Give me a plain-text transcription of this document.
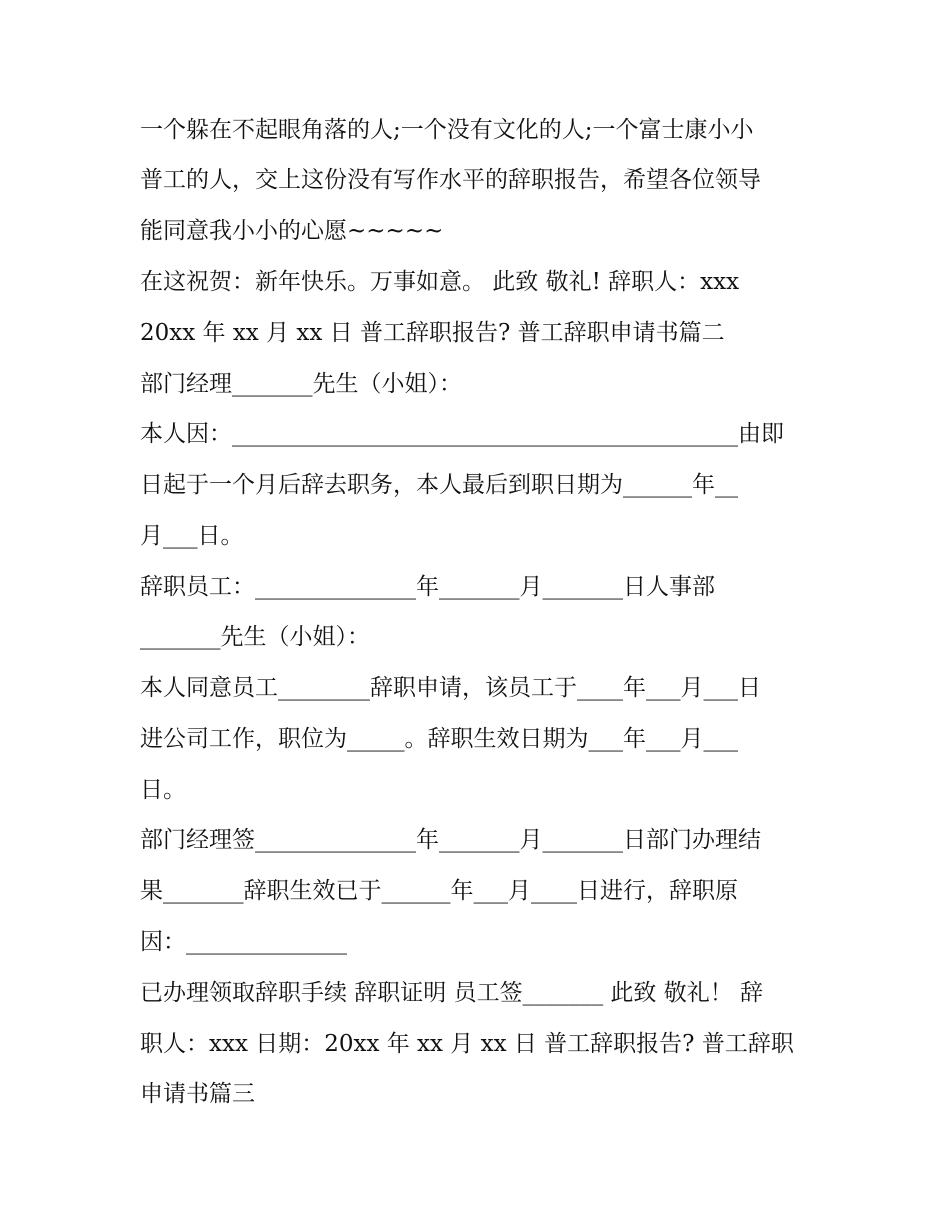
一个躲在不起眼角落的人;一个没有文化的人;一个富士康小小
普工的人，交上这份没有写作水平的辞职报告，希望各位领导
能同意我小小的心愿~~~~~
在这祝贺：新年快乐。万事如意。 此致 敬礼! 辞职人：xxx
20xx 年 xx 月 xx 日 普工辞职报告? 普工辞职申请书篇二
部门经理_______先生（小姐）：
本人因：____________________________________________由即
日起于一个月后辞去职务，本人最后到职日期为______年__
月___日。
辞职员工：______________年_______月_______日人事部
_______先生（小姐）：
本人同意员工________辞职申请，该员工于____年___月___日
进公司工作，职位为_____。辞职生效日期为___年___月___
日。
部门经理签______________年_______月_______日部门办理结
果_______辞职生效已于______年___月____日进行，辞职原
因：______________
已办理领取辞职手续 辞职证明 员工签_______ 此致 敬礼！ 辞
职人：xxx 日期：20xx 年 xx 月 xx 日 普工辞职报告? 普工辞职
申请书篇三
